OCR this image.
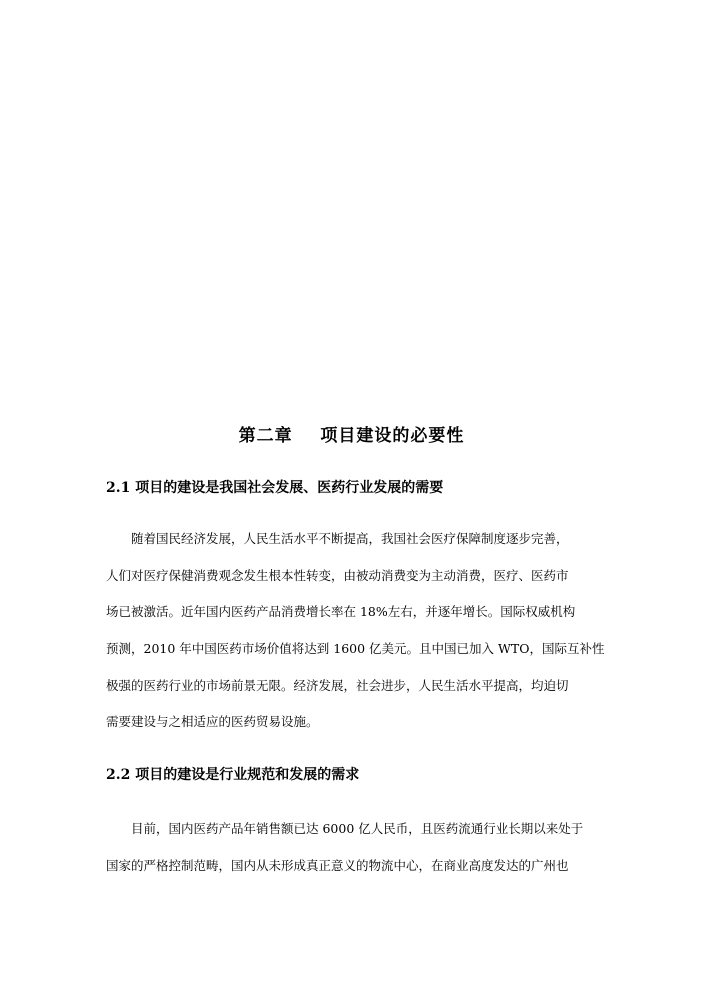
第二章    项目建设的必要性
2.1 项目的建设是我国社会发展、医药行业发展的需要
随着国民经济发展，人民生活水平不断提高，我国社会医疗保障制度逐步完善，
人们对医疗保健消费观念发生根本性转变，由被动消费变为主动消费，医疗、医药市
场已被激活。近年国内医药产品消费增长率在 18%左右，并逐年增长。国际权威机构
预测，2010 年中国医药市场价值将达到 1600 亿美元。且中国已加入 WTO，国际互补性
极强的医药行业的市场前景无限。经济发展，社会进步，人民生活水平提高，均迫切
需要建设与之相适应的医药贸易设施。
2.2 项目的建设是行业规范和发展的需求
目前，国内医药产品年销售额已达 6000 亿人民币，且医药流通行业长期以来处于
国家的严格控制范畴，国内从未形成真正意义的物流中心，在商业高度发达的广州也
